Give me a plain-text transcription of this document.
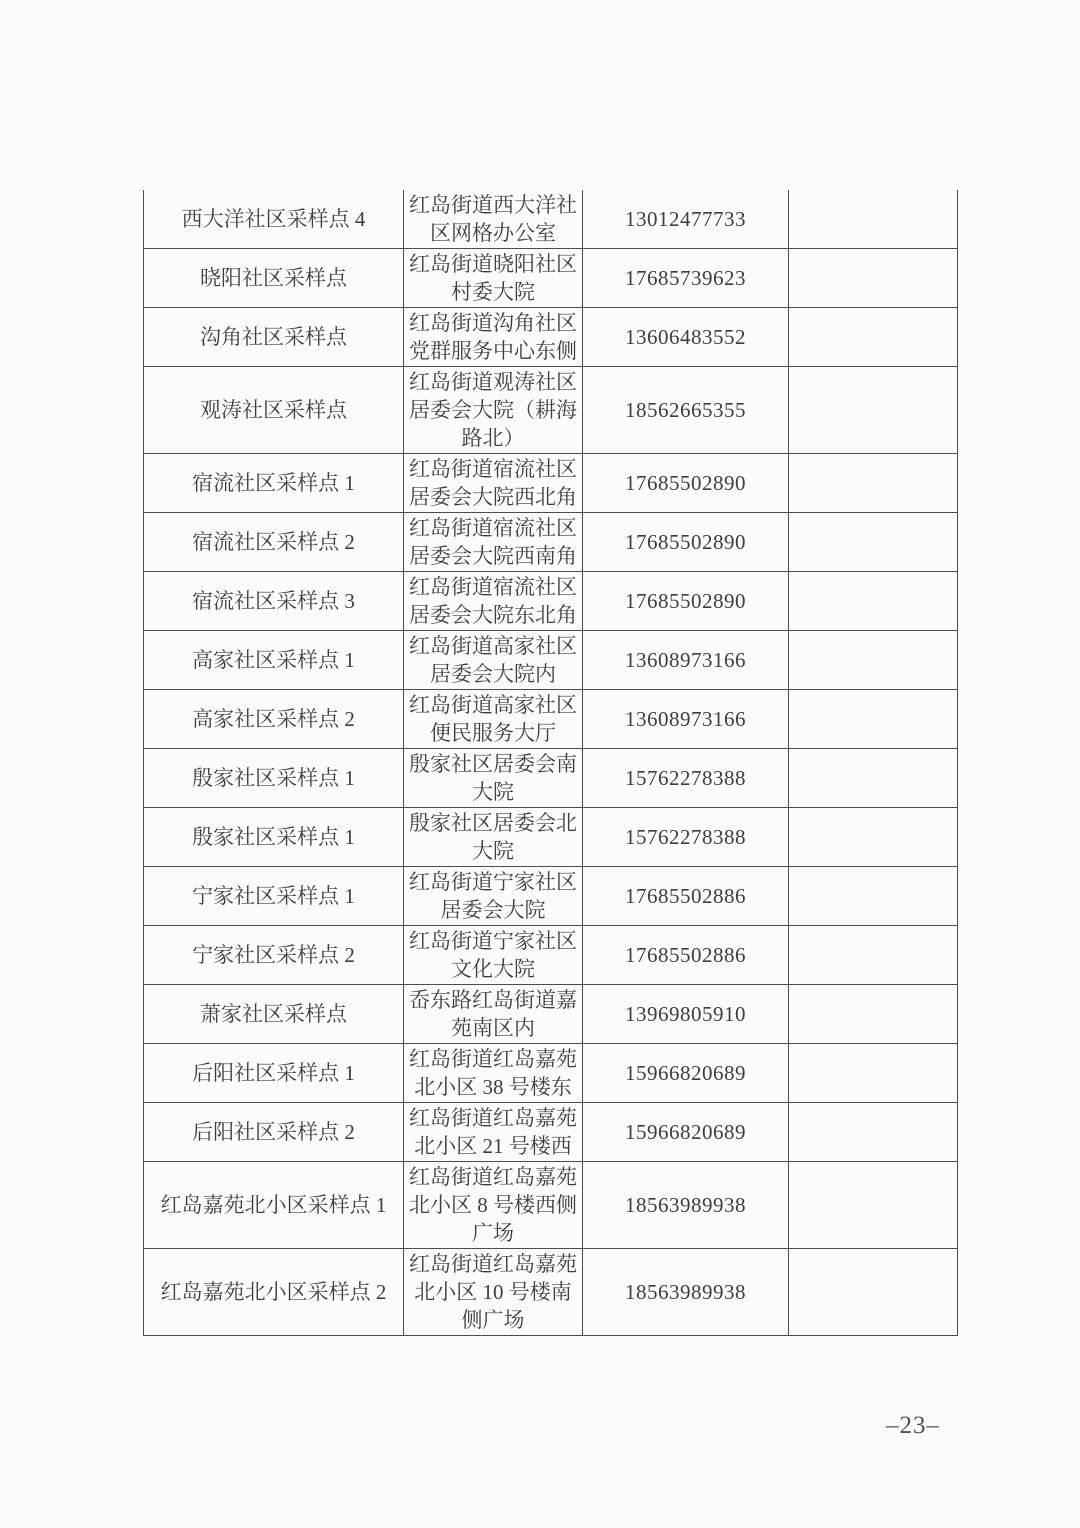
西大洋社区采样点 4	红岛街道西大洋社区网格办公室	13012477733	
晓阳社区采样点	红岛街道晓阳社区村委大院	17685739623	
沟角社区采样点	红岛街道沟角社区党群服务中心东侧	13606483552	
观涛社区采样点	红岛街道观涛社区居委会大院（耕海路北）	18562665355	
宿流社区采样点 1	红岛街道宿流社区居委会大院西北角	17685502890	
宿流社区采样点 2	红岛街道宿流社区居委会大院西南角	17685502890	
宿流社区采样点 3	红岛街道宿流社区居委会大院东北角	17685502890	
高家社区采样点 1	红岛街道高家社区居委会大院内	13608973166	
高家社区采样点 2	红岛街道高家社区便民服务大厅	13608973166	
殷家社区采样点 1	殷家社区居委会南大院	15762278388	
殷家社区采样点 1	殷家社区居委会北大院	15762278388	
宁家社区采样点 1	红岛街道宁家社区居委会大院	17685502886	
宁家社区采样点 2	红岛街道宁家社区文化大院	17685502886	
萧家社区采样点	岙东路红岛街道嘉苑南区内	13969805910	
后阳社区采样点 1	红岛街道红岛嘉苑北小区 38 号楼东	15966820689	
后阳社区采样点 2	红岛街道红岛嘉苑北小区 21 号楼西	15966820689	
红岛嘉苑北小区采样点 1	红岛街道红岛嘉苑北小区 8 号楼西侧广场	18563989938	
红岛嘉苑北小区采样点 2	红岛街道红岛嘉苑北小区 10 号楼南侧广场	18563989938	
–23–
